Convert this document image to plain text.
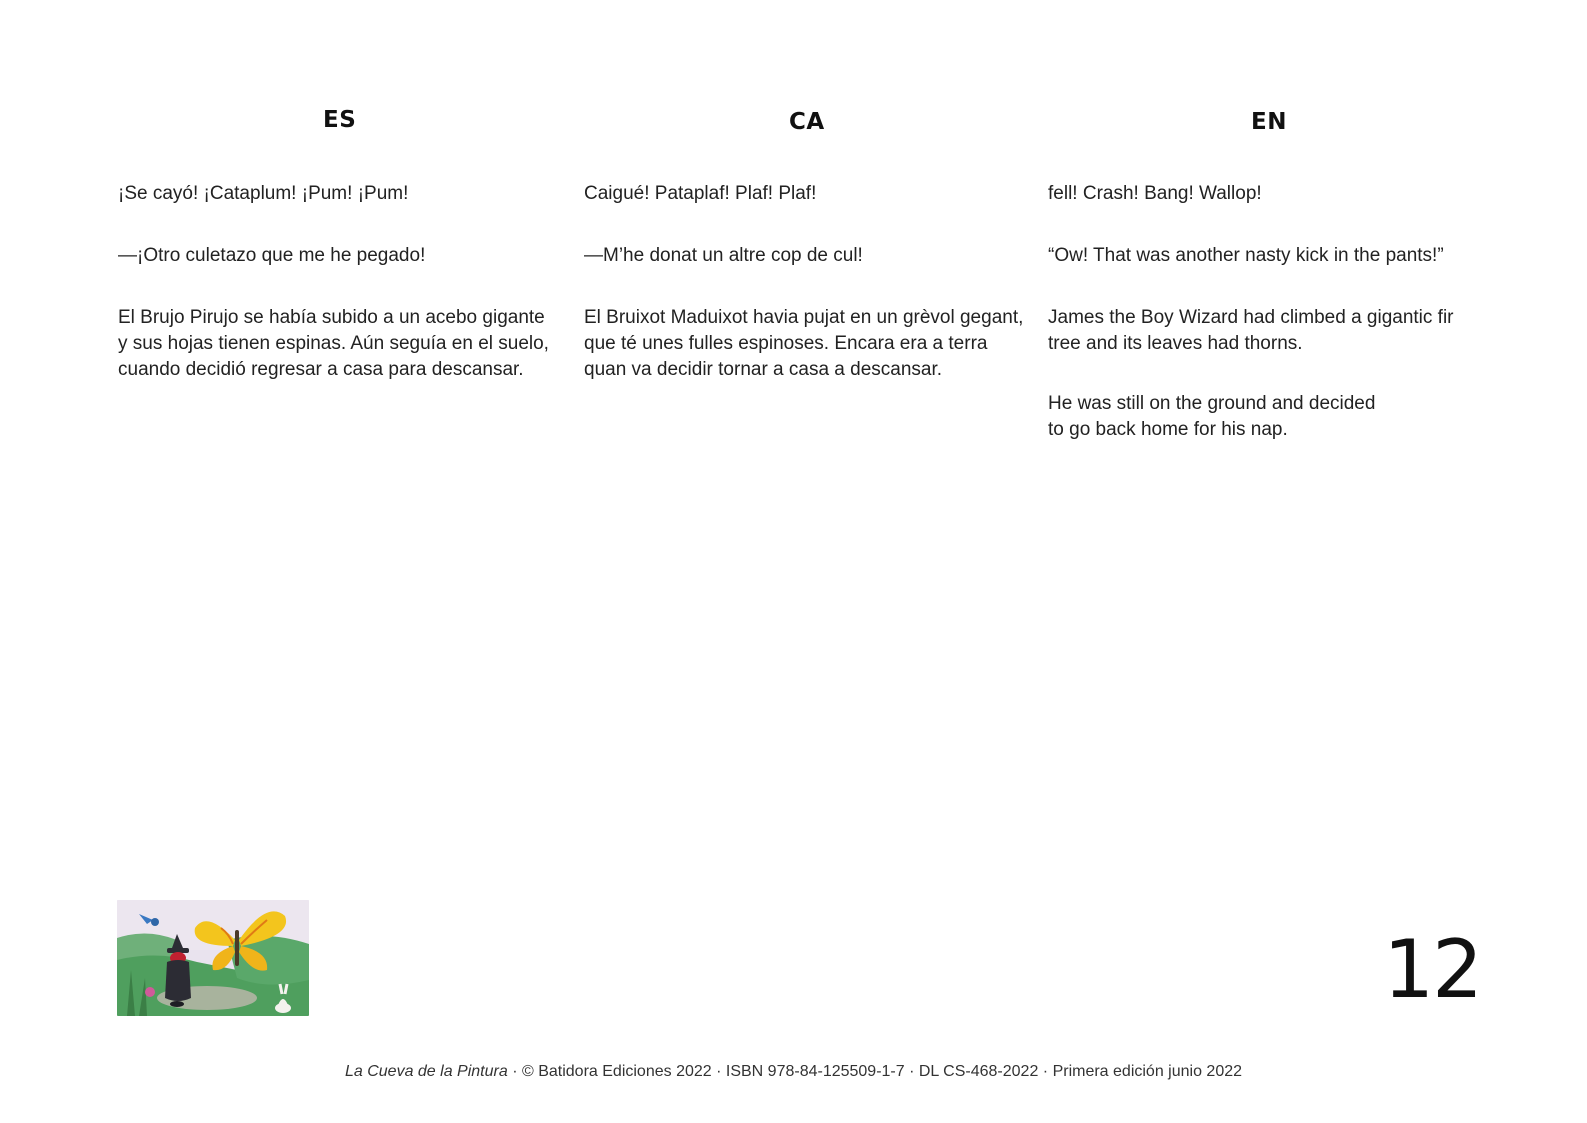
ES

¡Se cayó! ¡Cataplum! ¡Pum! ¡Pum!

—¡Otro culetazo que me he pegado!

El Brujo Pirujo se había subido a un acebo gigante y sus hojas tienen espinas. Aún seguía en el suelo, cuando decidió regresar a casa para descansar.

CA

Caigué! Pataplaf! Plaf! Plaf!

—M’he donat un altre cop de cul!

El Bruixot Maduixot havia pujat en un grèvol gegant, que té unes fulles espinoses. Encara era a terra quan va decidir tornar a casa a descansar.

EN

fell! Crash! Bang! Wallop!

“Ow! That was another nasty kick in the pants!”

James the Boy Wizard had climbed a gigantic fir tree and its leaves had thorns.

He was still on the ground and decided to go back home for his nap.

12

La Cueva de la Pintura · © Batidora Ediciones 2022 · ISBN 978-84-125509-1-7 · DL CS-468-2022 · Primera edición junio 2022
